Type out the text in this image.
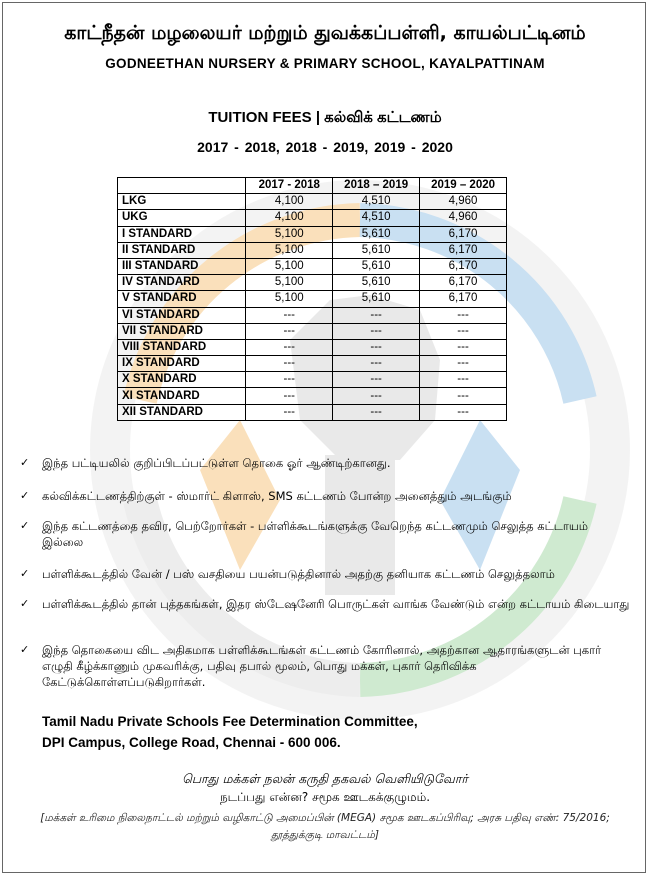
காட்நீதன் மழலையர் மற்றும் துவக்கப்பள்ளி, காயல்பட்டினம்
GODNEETHAN NURSERY & PRIMARY SCHOOL, KAYALPATTINAM
TUITION FEES | கல்விக் கட்டணம்
2017 - 2018, 2018 - 2019, 2019 - 2020
	2017 - 2018	2018 – 2019	2019 – 2020
LKG	4,100	4,510	4,960
UKG	4,100	4,510	4,960
I STANDARD	5,100	5,610	6,170
II STANDARD	5,100	5,610	6,170
III STANDARD	5,100	5,610	6,170
IV STANDARD	5,100	5,610	6,170
V STANDARD	5,100	5,610	6,170
VI STANDARD	---	---	---
VII STANDARD	---	---	---
VIII STANDARD	---	---	---
IX STANDARD	---	---	---
X STANDARD	---	---	---
XI STANDARD	---	---	---
XII STANDARD	---	---	---
✓	இந்த பட்டியலில் குறிப்பிடப்பட்டுள்ள தொகை ஓர் ஆண்டிற்கானது.
✓	கல்விக்கட்டணத்திற்குள் - ஸ்மார்ட் கிளாஸ், SMS கட்டணம் போன்ற அனைத்தும் அடங்கும்
✓	இந்த கட்டணத்தை தவிர, பெற்றோர்கள் - பள்ளிக்கூடங்களுக்கு வேறெந்த கட்டணமும் செலுத்த கட்டாயம் இல்லை
✓	பள்ளிக்கூடத்தில் வேன் / பஸ் வசதியை பயன்படுத்தினால் அதற்கு தனியாக கட்டணம் செலுத்தலாம்
✓	பள்ளிக்கூடத்தில் தான் புத்தகங்கள், இதர ஸ்டேஷனேரி பொருட்கள் வாங்க வேண்டும் என்ற கட்டாயம் கிடையாது
✓	இந்த தொகையை விட அதிகமாக பள்ளிக்கூடங்கள் கட்டணம் கோரினால், அதற்கான ஆதாரங்களுடன் புகார் எழுதி கீழ்க்காணும் முகவரிக்கு, பதிவு தபால் மூலம், பொது மக்கள், புகார் தெரிவிக்க கேட்டுக்கொள்ளப்படுகிறார்கள்.
Tamil Nadu Private Schools Fee Determination Committee,
DPI Campus, College Road, Chennai - 600 006.
பொது மக்கள் நலன் கருதி தகவல் வெளியிடுவோர்
நடப்பது என்ன? சமூக ஊடகக்குழுமம்.
[மக்கள் உரிமை நிலைநாட்டல் மற்றும் வழிகாட்டு அமைப்பின் (MEGA) சமூக ஊடகப்பிரிவு; அரசு பதிவு எண்: 75/2016; தூத்துக்குடி மாவட்டம்]
